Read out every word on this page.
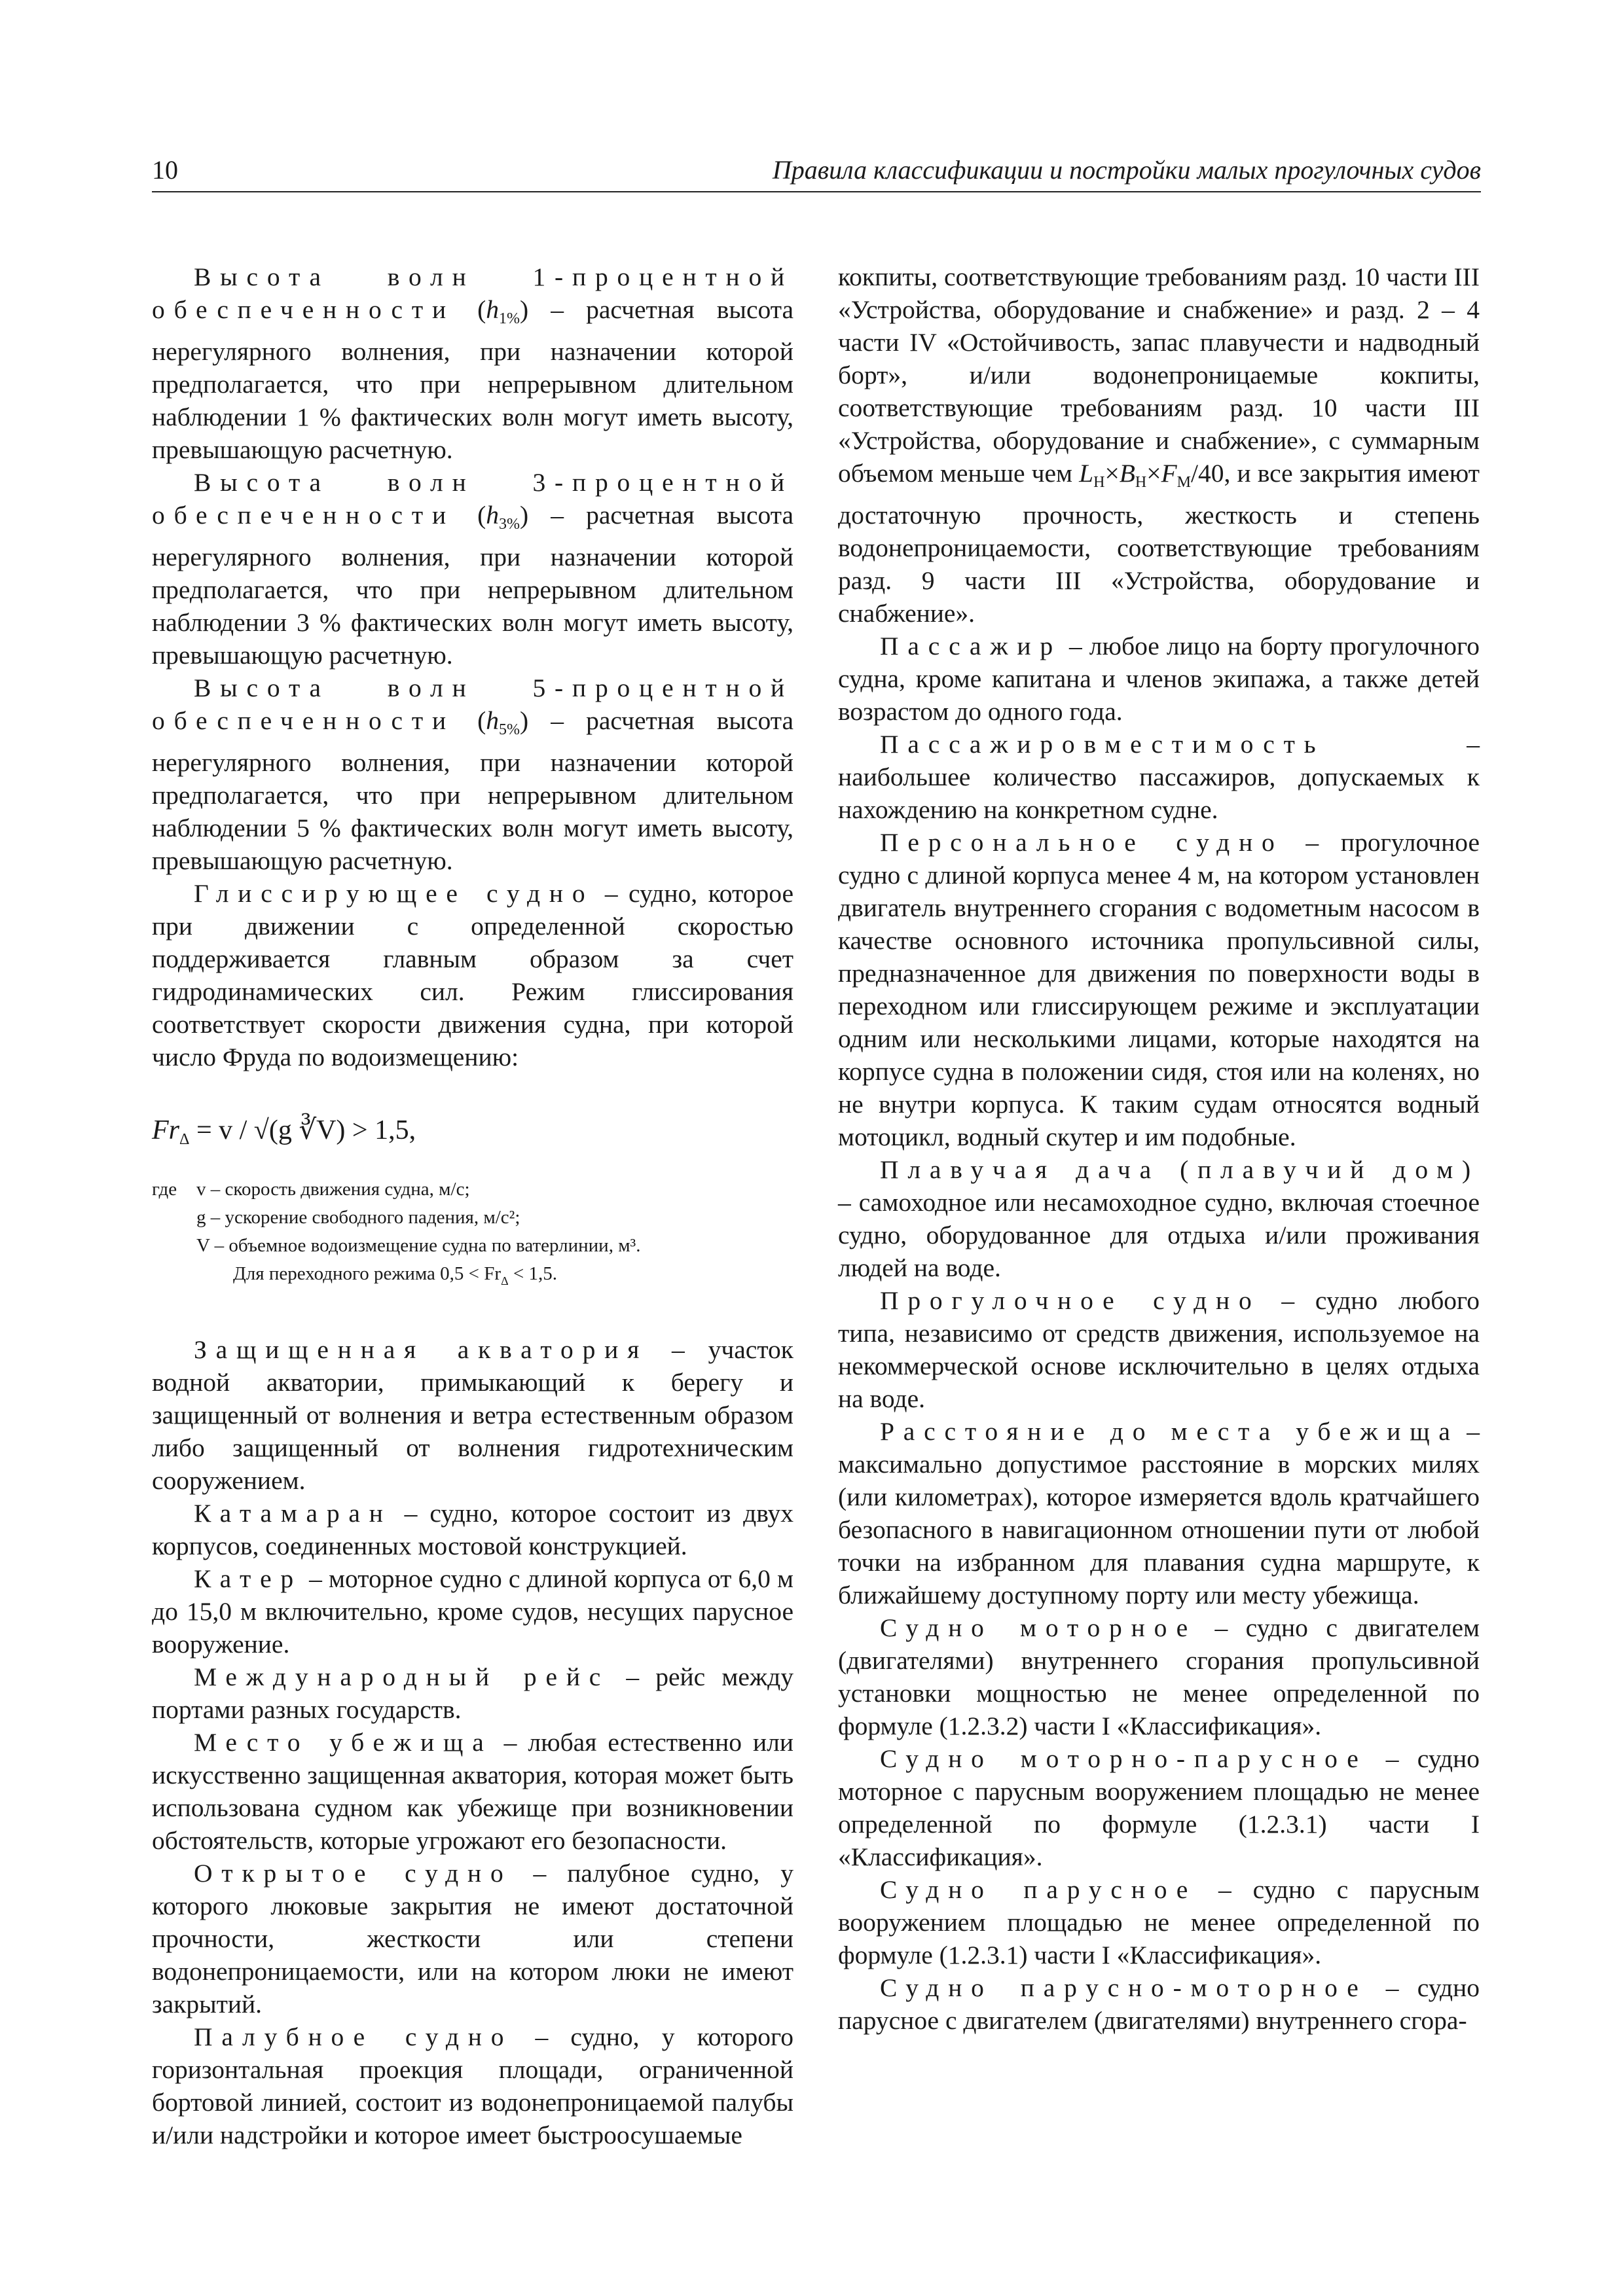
10	Правила классификации и постройки малых прогулочных судов

Высота волн 1-процентной обеспеченности $(h_{1\%})$ – расчетная высота нерегулярного волнения, при назначении которой предполагается, что при непрерывном длительном наблюдении 1 % фактических волн могут иметь высоту, превышающую расчетную.

Высота волн 3-процентной обеспеченности $(h_{3\%})$ – расчетная высота нерегулярного волнения, при назначении которой предполагается, что при непрерывном длительном наблюдении 3 % фактических волн могут иметь высоту, превышающую расчетную.

Высота волн 5-процентной обеспеченности $(h_{5\%})$ – расчетная высота нерегулярного волнения, при назначении которой предполагается, что при непрерывном длительном наблюдении 5 % фактических волн могут иметь высоту, превышающую расчетную.

Глиссирующее судно – судно, которое при движении с определенной скоростью поддерживается главным образом за счет гидродинамических сил. Режим глиссирования соответствует скорости движения судна, при которой число Фруда по водоизмещению:

$Fr_\Delta = v / √(g$ ∛V) > 1,5,

где	v – скорость движения судна, м/с;
g – ускорение свободного падения, м/с²;
V – объемное водоизмещение судна по ватерлинии, м³.
Для переходного режима $0,5 < Fr_\Delta < 1,5$.

Защищенная акватория – участок водной акватории, примыкающий к берегу и защищенный от волнения и ветра естественным образом либо защищенный от волнения гидротехническим сооружением.

Катамаран – судно, которое состоит из двух корпусов, соединенных мостовой конструкцией.

Катер – моторное судно с длиной корпуса от 6,0 м до 15,0 м включительно, кроме судов, несущих парусное вооружение.

Международный рейс – рейс между портами разных государств.

Место убежища – любая естественно или искусственно защищенная акватория, которая может быть использована судном как убежище при возникновении обстоятельств, которые угрожают его безопасности.

Открытое судно – палубное судно, у которого люковые закрытия не имеют достаточной прочности, жесткости или степени водонепроницаемости, или на котором люки не имеют закрытий.

Палубное судно – судно, у которого горизонтальная проекция площади, ограниченной бортовой линией, состоит из водонепроницаемой палубы и/или надстройки и которое имеет быстроосушаемые

кокпиты, соответствующие требованиям разд. 10 части III «Устройства, оборудование и снабжение» и разд. 2 – 4 части IV «Остойчивость, запас плавучести и надводный борт», и/или водонепроницаемые кокпиты, соответствующие требованиям разд. 10 части III «Устройства, оборудование и снабжение», с суммарным объемом меньше чем $L_H\times B_H\times F_M/40$, и все закрытия имеют достаточную прочность, жесткость и степень водонепроницаемости, соответствующие требованиям разд. 9 части III «Устройства, оборудование и снабжение».

Пассажир – любое лицо на борту прогулочного судна, кроме капитана и членов экипажа, а также детей возрастом до одного года.

Пассажировместимость	– наибольшее количество пассажиров, допускаемых к нахождению на конкретном судне.

Персональное судно – прогулочное судно с длиной корпуса менее 4 м, на котором установлен двигатель внутреннего сгорания с водометным насосом в качестве основного источника пропульсивной силы, предназначенное для движения по поверхности воды в переходном или глиссирующем режиме и эксплуатации одним или несколькими лицами, которые находятся на корпусе судна в положении сидя, стоя или на коленях, но не внутри корпуса. К таким судам относятся водный мотоцикл, водный скутер и им подобные.

Плавучая дача (плавучий дом) – самоходное или несамоходное судно, включая стоечное судно, оборудованное для отдыха и/или проживания людей на воде.

Прогулочное судно – судно любого типа, независимо от средств движения, используемое на некоммерческой основе исключительно в целях отдыха на воде.

Расстояние до места убежища – максимально допустимое расстояние в морских милях (или километрах), которое измеряется вдоль кратчайшего безопасного в навигационном отношении пути от любой точки на избранном для плавания судна маршруте, к ближайшему доступному порту или месту убежища.

Судно моторное – судно с двигателем (двигателями) внутреннего сгорания пропульсивной установки мощностью не менее определенной по формуле (1.2.3.2) части I «Классификация».

Судно моторно-парусное – судно моторное с парусным вооружением площадью не менее определенной по формуле (1.2.3.1) части I «Классификация».

Судно парусное – судно с парусным вооружением площадью не менее определенной по формуле (1.2.3.1) части I «Классификация».

Судно парусно-моторное – судно парусное с двигателем (двигателями) внутреннего сгора-
